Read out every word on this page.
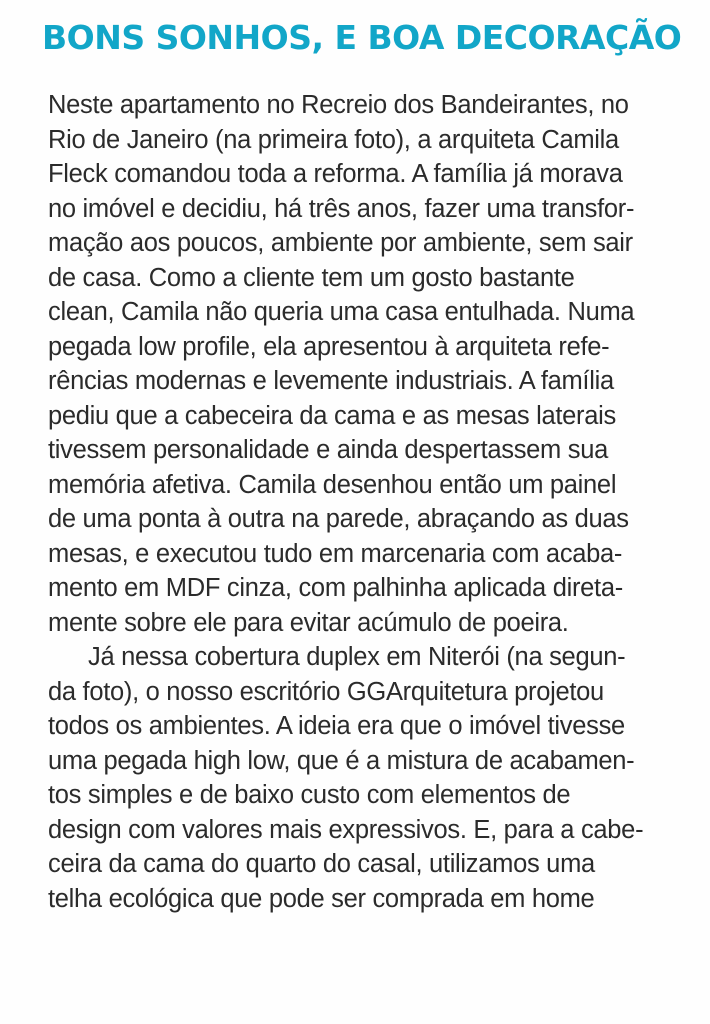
BONS SONHOS, E BOA DECORAÇÃO
Neste apartamento no Recreio dos Bandeirantes, no
Rio de Janeiro (na primeira foto), a arquiteta Camila
Fleck comandou toda a reforma. A família já morava
no imóvel e decidiu, há três anos, fazer uma transfor-
mação aos poucos, ambiente por ambiente, sem sair
de casa. Como a cliente tem um gosto bastante
clean, Camila não queria uma casa entulhada. Numa
pegada low profile, ela apresentou à arquiteta refe-
rências modernas e levemente industriais. A família
pediu que a cabeceira da cama e as mesas laterais
tivessem personalidade e ainda despertassem sua
memória afetiva. Camila desenhou então um painel
de uma ponta à outra na parede, abraçando as duas
mesas, e executou tudo em marcenaria com acaba-
mento em MDF cinza, com palhinha aplicada direta-
mente sobre ele para evitar acúmulo de poeira.
Já nessa cobertura duplex em Niterói (na segun-
da foto), o nosso escritório GGArquitetura projetou
todos os ambientes. A ideia era que o imóvel tivesse
uma pegada high low, que é a mistura de acabamen-
tos simples e de baixo custo com elementos de
design com valores mais expressivos. E, para a cabe-
ceira da cama do quarto do casal, utilizamos uma
telha ecológica que pode ser comprada em home
